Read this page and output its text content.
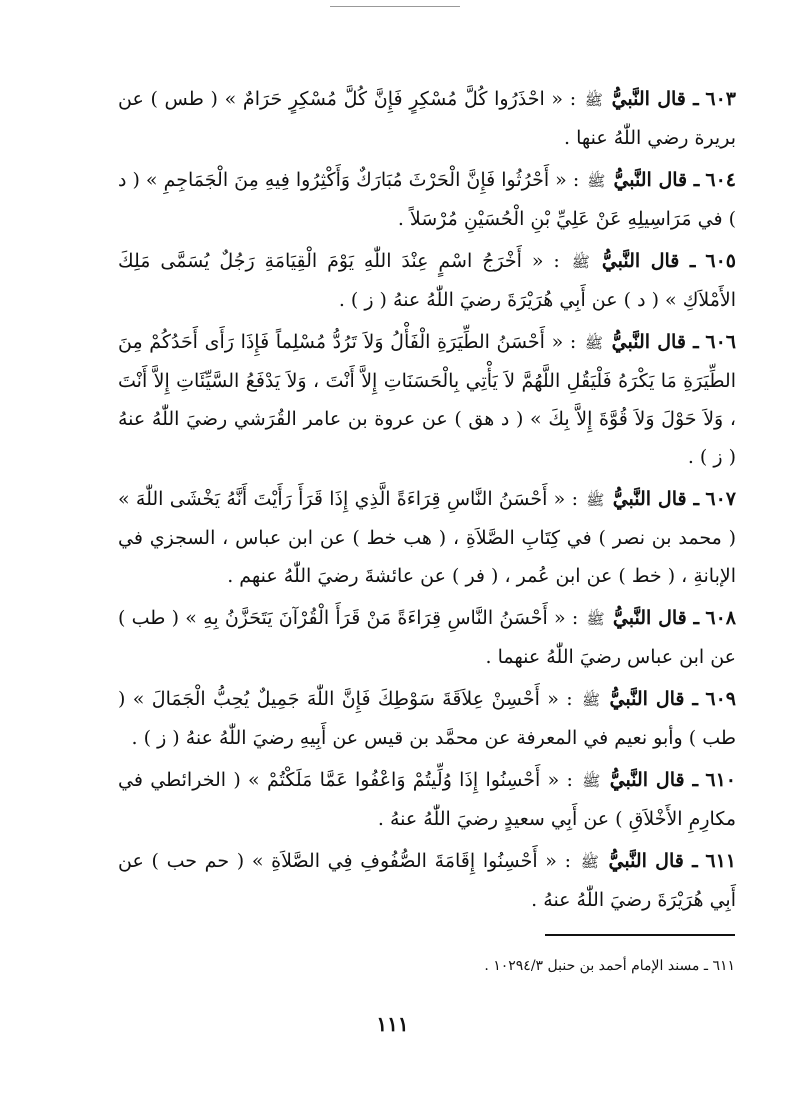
٦٠٣ ـ قال النَّبيُّ ﷺ : « احْذَرُوا كُلَّ مُسْكِرٍ فَإِنَّ كُلَّ مُسْكِرٍ حَرَامٌ » ( طس ) عن بريرة رضي اللّٰهُ عنها .

٦٠٤ ـ قال النَّبيُّ ﷺ : « أَحْرُثُوا فَإِنَّ الْحَرْثَ مُبَارَكٌ وَأَكْثِرُوا فِيهِ مِنَ الْجَمَاجِمِ » ( د ) في مَرَاسِيلِهِ عَنْ عَلِيِّ بْنِ الْحُسَيْنِ مُرْسَلاً .

٦٠٥ ـ قال النَّبيُّ ﷺ : « أَخْرَجُ اسْمٍ عِنْدَ اللّٰهِ يَوْمَ الْقِيَامَةِ رَجُلٌ يُسَمَّى مَلِكَ الأَمْلاَكِ » ( د ) عن أَبِي هُرَيْرَةَ رضيَ اللّٰهُ عنهُ ( ز ) .

٦٠٦ ـ قال النَّبيُّ ﷺ : « أَحْسَنُ الطِّيَرَةِ الْفَأْلُ وَلاَ تَرُدُّ مُسْلِماً فَإِذَا رَأَى أَحَدُكُمْ مِنَ الطِّيَرَةِ مَا يَكْرَهُ فَلْيَقُلِ اللَّهُمَّ لاَ يَأْتِي بِالْحَسَنَاتِ إِلاَّ أَنْتَ ، وَلاَ يَدْفَعُ السَّيِّئَاتِ إِلاَّ أَنْتَ ، وَلاَ حَوْلَ وَلاَ قُوَّةَ إِلاَّ بِكَ » ( د هق ) عن عروة بن عامر القُرَشي رضيَ اللّٰهُ عنهُ ( ز ) .

٦٠٧ ـ قال النَّبيُّ ﷺ : « أَحْسَنُ النَّاسِ قِرَاءَةً الَّذِي إِذَا قَرَأَ رَأَيْتَ أَنَّهُ يَخْشَى اللّٰهَ » ( محمد بن نصر ) في كِتَابِ الصَّلاَةِ ، ( هب خط ) عن ابن عباس ، السجزي في الإبانةِ ، ( خط ) عن ابن عُمر ، ( فر ) عن عائشةَ رضيَ اللّٰهُ عنهم .

٦٠٨ ـ قال النَّبيُّ ﷺ : « أَحْسَنُ النَّاسِ قِرَاءَةً مَنْ قَرَأَ الْقُرْآنَ يَتَحَزَّنُ بِهِ » ( طب ) عن ابن عباس رضيَ اللّٰهُ عنهما .

٦٠٩ ـ قال النَّبيُّ ﷺ : « أَحْسِنْ عِلاَقَةَ سَوْطِكَ فَإِنَّ اللّٰهَ جَمِيلٌ يُحِبُّ الْجَمَالَ » ( طب ) وأبو نعيم في المعرفة عن محمَّد بن قيس عن أَبِيهِ رضيَ اللّٰهُ عنهُ ( ز ) .

٦١٠ ـ قال النَّبيُّ ﷺ : « أَحْسِنُوا إِذَا وُلِّيتُمْ وَاعْفُوا عَمَّا مَلَكْتُمْ » ( الخرائطي في مكارِمِ الأَخْلاَقِ ) عن أَبِي سعيدٍ رضيَ اللّٰهُ عنهُ .

٦١١ ـ قال النَّبيُّ ﷺ : « أَحْسِنُوا إِقَامَةَ الصُّفُوفِ فِي الصَّلاَةِ » ( حم حب ) عن أَبِي هُرَيْرَةَ رضيَ اللّٰهُ عنهُ .

٦١١ ـ مسند الإمام أحمد بن حنبل ١٠٢٩٤/٣ .
١١١
